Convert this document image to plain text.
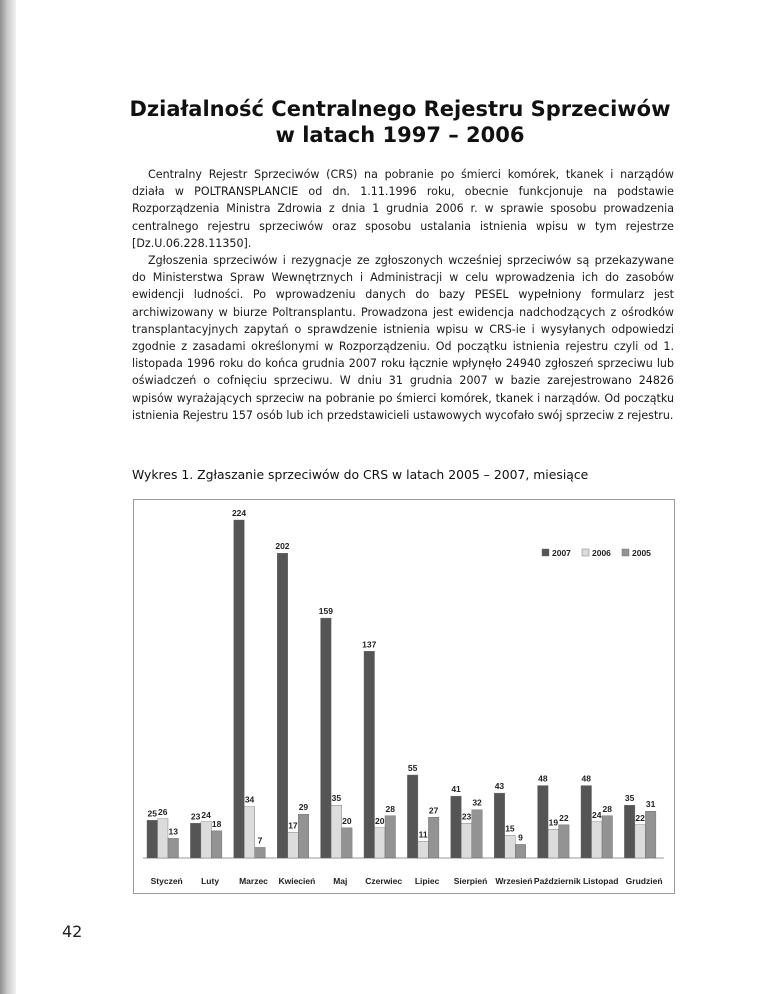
Działalność Centralnego Rejestru Sprzeciwów
w latach 1997 – 2006

Centralny Rejestr Sprzeciwów (CRS) na pobranie po śmierci komórek, tkanek i narządów działa w POLTRANSPLANCIE od dn. 1.11.1996 roku, obecnie funkcjonuje na podstawie Rozporządzenia Ministra Zdrowia z dnia 1 grudnia 2006 r. w sprawie sposobu prowadzenia centralnego rejestru sprzeciwów oraz sposobu ustalania istnienia wpisu w tym rejestrze [Dz.U.06.228.11350].

Zgłoszenia sprzeciwów i rezygnacje ze zgłoszonych wcześniej sprzeciwów są przekazywane do Ministerstwa Spraw Wewnętrznych i Administracji w celu wprowadzenia ich do zasobów ewidencji ludności. Po wprowadzeniu danych do bazy PESEL wypełniony formularz jest archiwizowany w biurze Poltransplantu. Prowadzona jest ewidencja nadchodzących z ośrodków transplantacyjnych zapytań o sprawdzenie istnienia wpisu w CRS-ie i wysyłanych odpowiedzi zgodnie z zasadami określonymi w Rozporządzeniu. Od początku istnienia rejestru czyli od 1. listopada 1996 roku do końca grudnia 2007 roku łącznie wpłynęło 24940 zgłoszeń sprzeciwu lub oświadczeń o cofnięciu sprzeciwu. W dniu 31 grudnia 2007 w bazie zarejestrowano 24826 wpisów wyrażających sprzeciw na pobranie po śmierci komórek, tkanek i narządów. Od początku istnienia Rejestru 157 osób lub ich przedstawicieli ustawowych wycofało swój sprzeciw z rejestru.

Wykres 1. Zgłaszanie sprzeciwów do CRS w latach 2005 – 2007, miesiące
25 26
13
Styczeń
23 24
18
Luty
224
34
7
Marzec
202
17
29
Kwiecień
159
35
20
Maj
137
20
28
Czerwiec
55
11
27
Lipiec
41
23
32
Sierpień
43
15
9
Wrzesień
48
19 22
Październik
48
24
28
Listopad
35
22
31
Grudzień
2007 2006 2005
42
